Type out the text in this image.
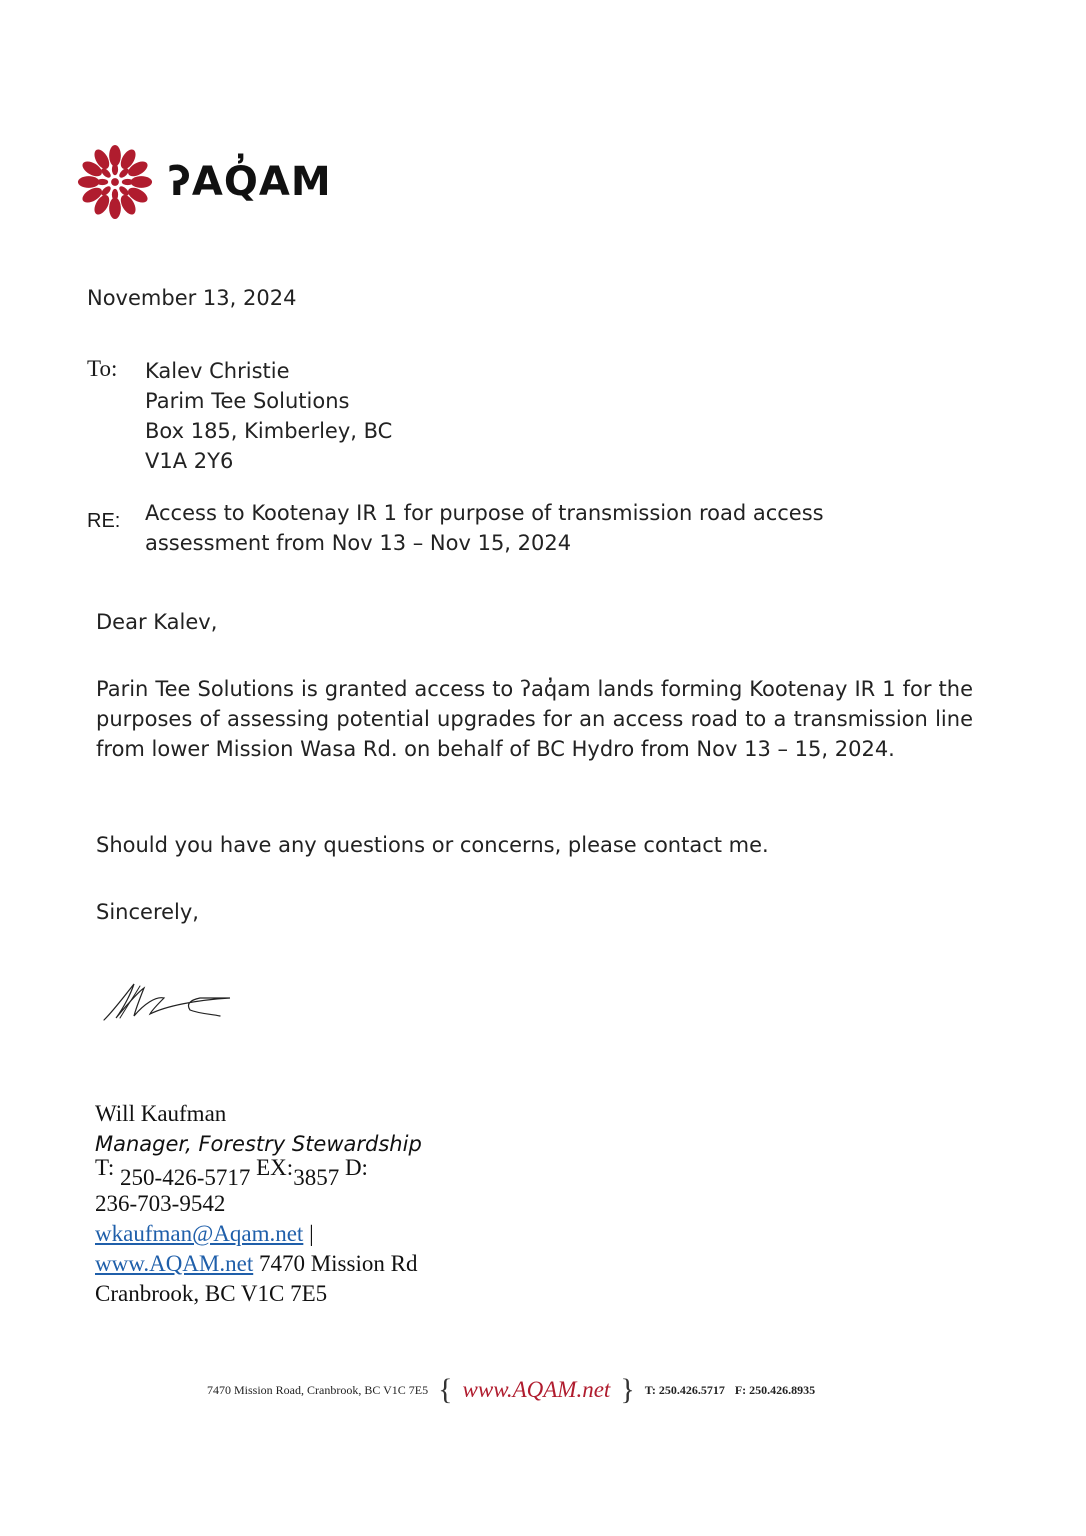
ʔAQ̓AM
November 13, 2024
To: Kalev Christie
Parim Tee Solutions
Box 185, Kimberley, BC
V1A 2Y6
RE: Access to Kootenay IR 1 for purpose of transmission road access
assessment from Nov 13 – Nov 15, 2024
Dear Kalev,
Parin Tee Solutions is granted access to ʔaq̓am lands forming Kootenay IR 1 for the purposes of assessing potential upgrades for an access road to a transmission line from lower Mission Wasa Rd. on behalf of BC Hydro from Nov 13 – 15, 2024.
Should you have any questions or concerns, please contact me.
Sincerely,
Will Kaufman
Manager, Forestry Stewardship
T: 250-426-5717 EX:3857 D:
236-703-9542
wkaufman@Aqam.net |
www.AQAM.net 7470 Mission Rd
Cranbrook, BC V1C 7E5
7470 Mission Road, Cranbrook, BC V1C 7E5 { www.AQAM.net } T:
250.426.5717 F:
250.426.8935
